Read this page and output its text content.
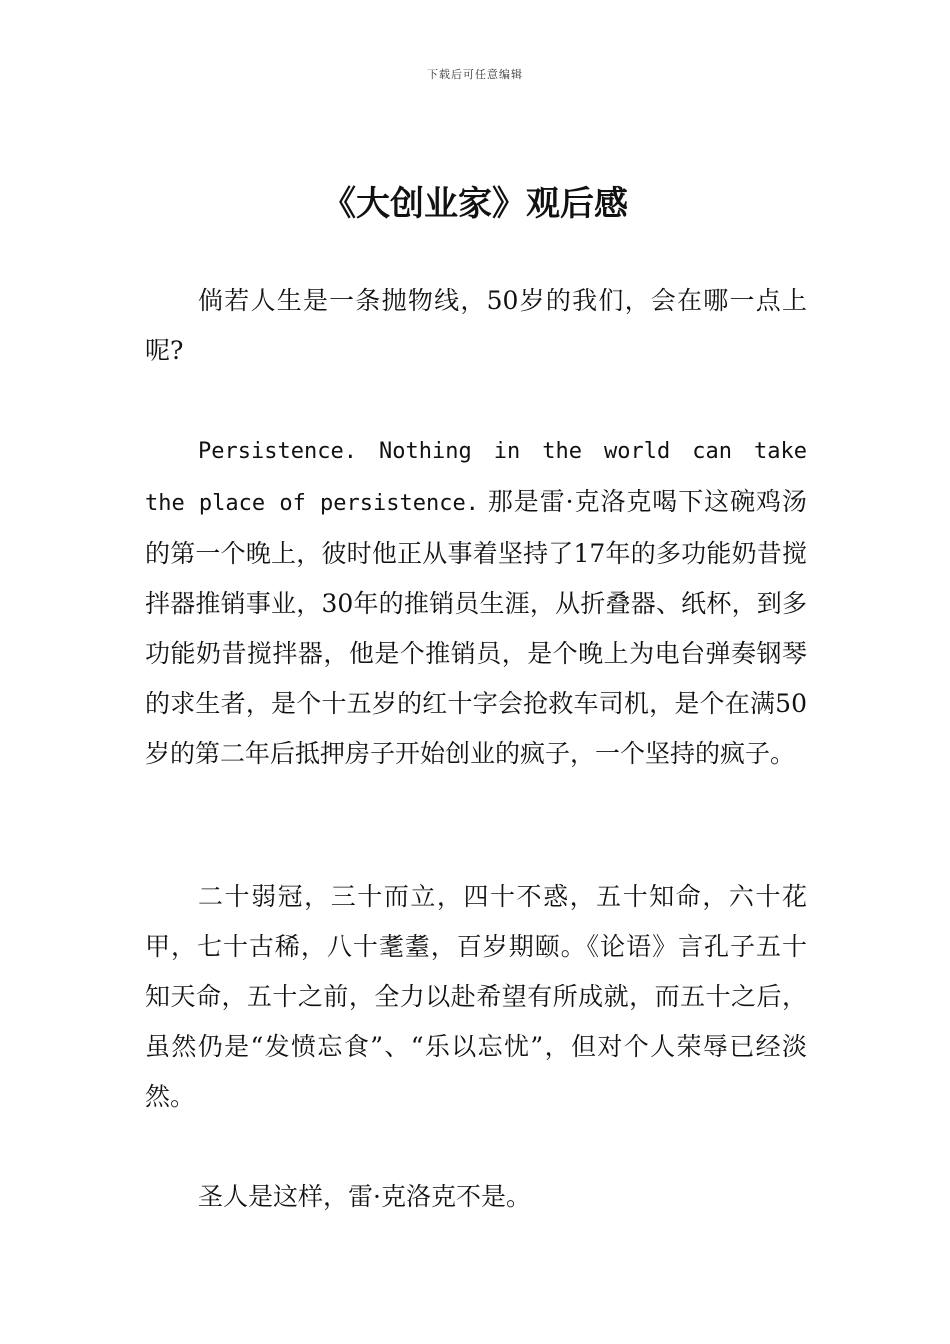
下载后可任意编辑
《大创业家》观后感

倘若人生是一条抛物线，50岁的我们，会在哪一点上呢?

Persistence. Nothing in the world can take the place of persistence. 那是雷·克洛克喝下这碗鸡汤的第一个晚上，彼时他正从事着坚持了17年的多功能奶昔搅拌器推销事业，30年的推销员生涯，从折叠器、纸杯，到多功能奶昔搅拌器，他是个推销员，是个晚上为电台弹奏钢琴的求生者，是个十五岁的红十字会抢救车司机，是个在满50岁的第二年后抵押房子开始创业的疯子，一个坚持的疯子。

二十弱冠，三十而立，四十不惑，五十知命，六十花甲，七十古稀，八十耄耋，百岁期颐。《论语》言孔子五十知天命，五十之前，全力以赴希望有所成就，而五十之后，虽然仍是“发愤忘食”、“乐以忘忧”，但对个人荣辱已经淡然。

圣人是这样，雷·克洛克不是。
